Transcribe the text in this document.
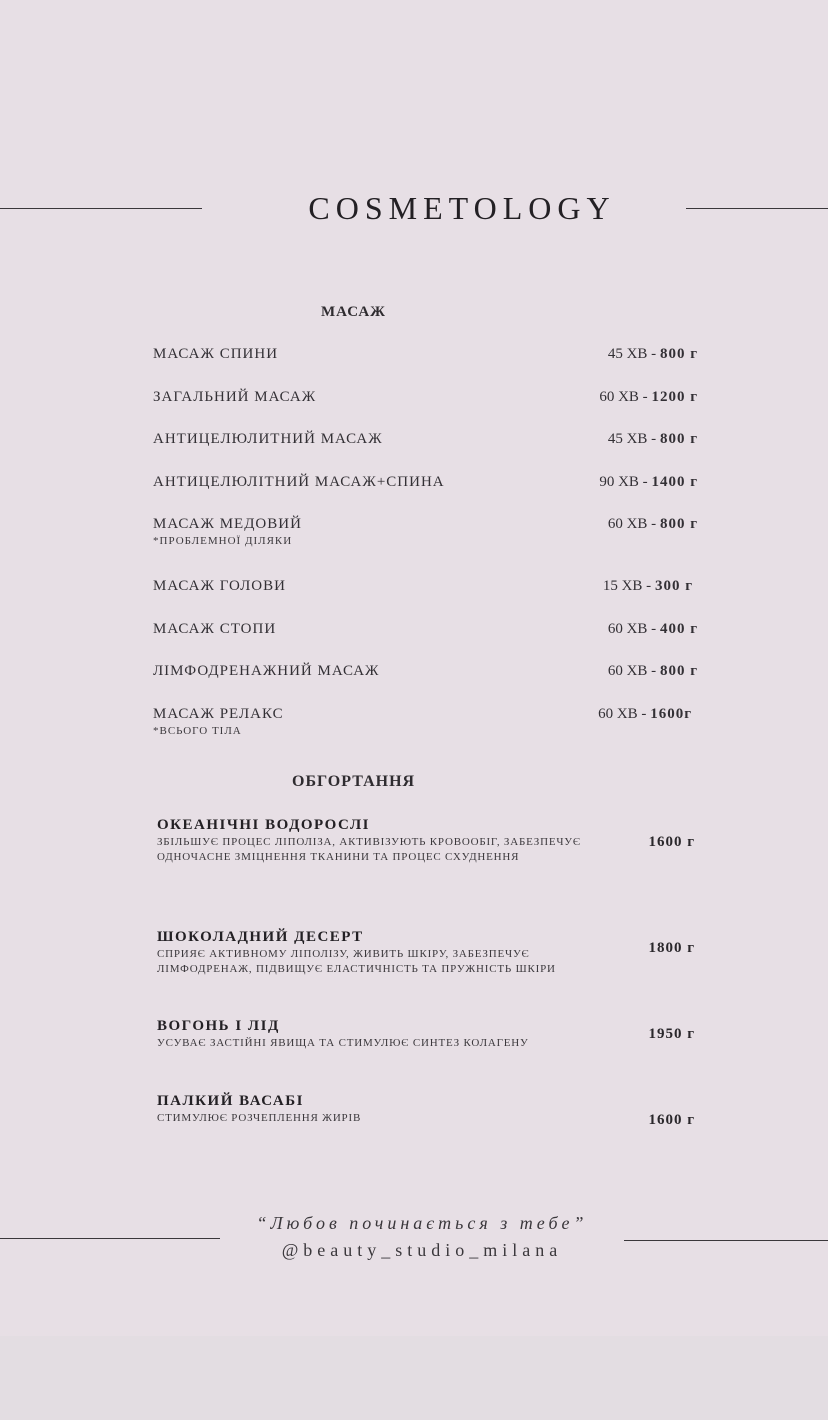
COSMETOLOGY
МАСАЖ
МАСАЖ СПИНИ	45 ХВ - 800 г
ЗАГАЛЬНИЙ МАСАЖ	60 ХВ - 1200 г
АНТИЦЕЛЮЛИТНИЙ МАСАЖ	45 ХВ - 800 г
АНТИЦЕЛЮЛІТНИЙ МАСАЖ+СПИНА	90 ХВ - 1400 г
МАСАЖ МЕДОВИЙ
*ПРОБЛЕМНОЇ ДІЛЯКИ
60 ХВ - 800 г
МАСАЖ ГОЛОВИ	15 ХВ - 300 г
МАСАЖ СТОПИ	60 ХВ - 400 г
ЛІМФОДРЕНАЖНИЙ МАСАЖ	60 ХВ - 800 г
МАСАЖ РЕЛАКС
*ВСЬОГО ТІЛА
60 ХВ - 1600г
ОБГОРТАННЯ
ОКЕАНІЧНІ ВОДОРОСЛІ
ЗБІЛЬШУЄ ПРОЦЕС ЛІПОЛІЗА, АКТИВІЗУЮТЬ КРОВООБІГ, ЗАБЕЗПЕЧУЄ ОДНОЧАСНЕ ЗМІЦНЕННЯ ТКАНИНИ ТА ПРОЦЕС СХУДНЕННЯ
1600 г
ШОКОЛАДНИЙ ДЕСЕРТ
СПРИЯЄ АКТИВНОМУ ЛІПОЛІЗУ, ЖИВИТЬ ШКІРУ, ЗАБЕЗПЕЧУЄ ЛІМФОДРЕНАЖ, ПІДВИЩУЄ ЕЛАСТИЧНІСТЬ ТА ПРУЖНІСТЬ ШКІРИ
1800 г
ВОГОНЬ І ЛІД
УСУВАЄ ЗАСТІЙНІ ЯВИЩА ТА СТИМУЛЮЄ СИНТЕЗ КОЛАГЕНУ
1950 г
ПАЛКИЙ ВАСАБІ
СТИМУЛЮЄ РОЗЧЕПЛЕННЯ ЖИРІВ	1600 г
“Любов починається з тебе”
@beauty_studio_milana
